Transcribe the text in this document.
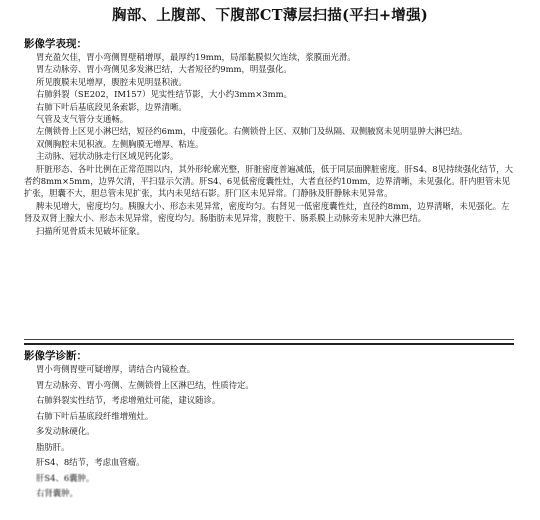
胸部、上腹部、下腹部CT薄层扫描(平扫+增强)
影像学表现：

胃充盈欠佳，胃小弯侧胃壁稍增厚，最厚约19mm，局部黏膜似欠连续，浆膜面光滑。

胃左动脉旁、胃小弯侧见多发淋巴结，大者短径约9mm，明显强化。

所见腹膜未见增厚，腹腔未见明显积液。

右肺斜裂（SE202，IM157）见实性结节影，大小约3mm×3mm。

右肺下叶后基底段见条索影，边界清晰。

气管及支气管分支通畅。

左侧锁骨上区见小淋巴结，短径约6mm，中度强化。右侧锁骨上区、双肺门及纵隔、双侧腋窝未见明显肿大淋巴结。

双侧胸腔未见积液。左侧胸膜无增厚、粘连。

主动脉、冠状动脉走行区域见钙化影。

肝脏形态、各叶比例在正常范围以内，其外形轮廓光整，肝脏密度普遍减低，低于同层面脾脏密度。肝S4、8见持续强化结节，大者约8mm×5mm，边界欠清，平扫显示欠清。肝S4、6见低密度囊性灶，大者直径约10mm，边界清晰，未见强化。肝内胆管未见扩张，胆囊不大，胆总管未见扩张，其内未见结石影。肝门区未见异常。门静脉及肝静脉未见异常。

脾未见增大，密度均匀。胰腺大小、形态未见异常，密度均匀。右肾见一低密度囊性灶，直径约8mm，边界清晰，未见强化。左肾及双肾上腺大小、形态未见异常，密度均匀。肠脂肪未见异常，腹腔干、肠系膜上动脉旁未见肿大淋巴结。

扫描所见骨质未见破坏征象。

影像学诊断：

胃小弯侧胃壁可疑增厚，请结合内镜检查。

胃左动脉旁、胃小弯侧、左侧锁骨上区淋巴结，性质待定。

右肺斜裂实性结节，考虑增殖灶可能，建议随诊。

右肺下叶后基底段纤维增殖灶。

多发动脉硬化。

脂肪肝。

肝S4、8结节，考虑血管瘤。

肝S4、6囊肿。

右肾囊肿。
